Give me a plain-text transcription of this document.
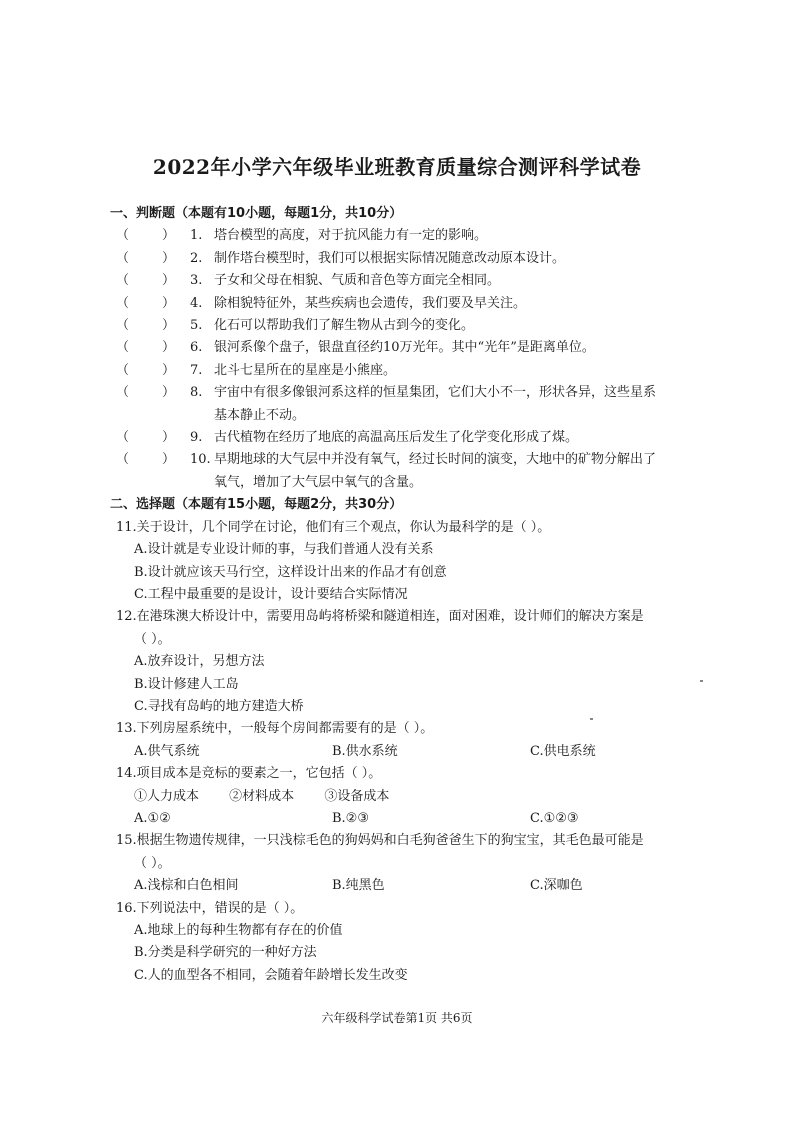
2022年小学六年级毕业班教育质量综合测评科学试卷
一、判断题（本题有10小题，每题1分，共10分）
（        ）	1. 塔台模型的高度，对于抗风能力有一定的影响。
（        ）	2. 制作塔台模型时，我们可以根据实际情况随意改动原本设计。
（        ）	3. 子女和父母在相貌、气质和音色等方面完全相同。
（        ）	4. 除相貌特征外，某些疾病也会遗传，我们要及早关注。
（        ）	5. 化石可以帮助我们了解生物从古到今的变化。
（        ）	6. 银河系像个盘子，银盘直径约10万光年。其中“光年”是距离单位。
（        ）	7. 北斗七星所在的星座是小熊座。
（        ）	8. 宇宙中有很多像银河系这样的恒星集团，它们大小不一，形状各异，这些星系
基本静止不动。
（        ）	9. 古代植物在经历了地底的高温高压后发生了化学变化形成了煤。
（        ）	10. 早期地球的大气层中并没有氧气，经过长时间的演变，大地中的矿物分解出了
氧气，增加了大气层中氧气的含量。
二、选择题（本题有15小题，每题2分，共30分）
11.关于设计，几个同学在讨论，他们有三个观点，你认为最科学的是（ ）。
A.设计就是专业设计师的事，与我们普通人没有关系
B.设计就应该天马行空，这样设计出来的作品才有创意
C.工程中最重要的是设计，设计要结合实际情况
12.在港珠澳大桥设计中，需要用岛屿将桥梁和隧道相连，面对困难，设计师们的解决方案是
（ ）。
A.放弃设计，另想方法
B.设计修建人工岛
C.寻找有岛屿的地方建造大桥
13.下列房屋系统中，一般每个房间都需要有的是（ ）。
A.供气系统	B.供水系统	C.供电系统
14.项目成本是竞标的要素之一，它包括（ ）。
①人力成本 ②材料成本 ③设备成本
A.①②	B.②③	C.①②③
15.根据生物遗传规律，一只浅棕毛色的狗妈妈和白毛狗爸爸生下的狗宝宝，其毛色最可能是
（ ）。
A.浅棕和白色相间	B.纯黑色	C.深咖色
16.下列说法中，错误的是（ ）。
A.地球上的每种生物都有存在的价值
B.分类是科学研究的一种好方法
C.人的血型各不相同，会随着年龄增长发生改变
六年级科学试卷第1页 共6页
